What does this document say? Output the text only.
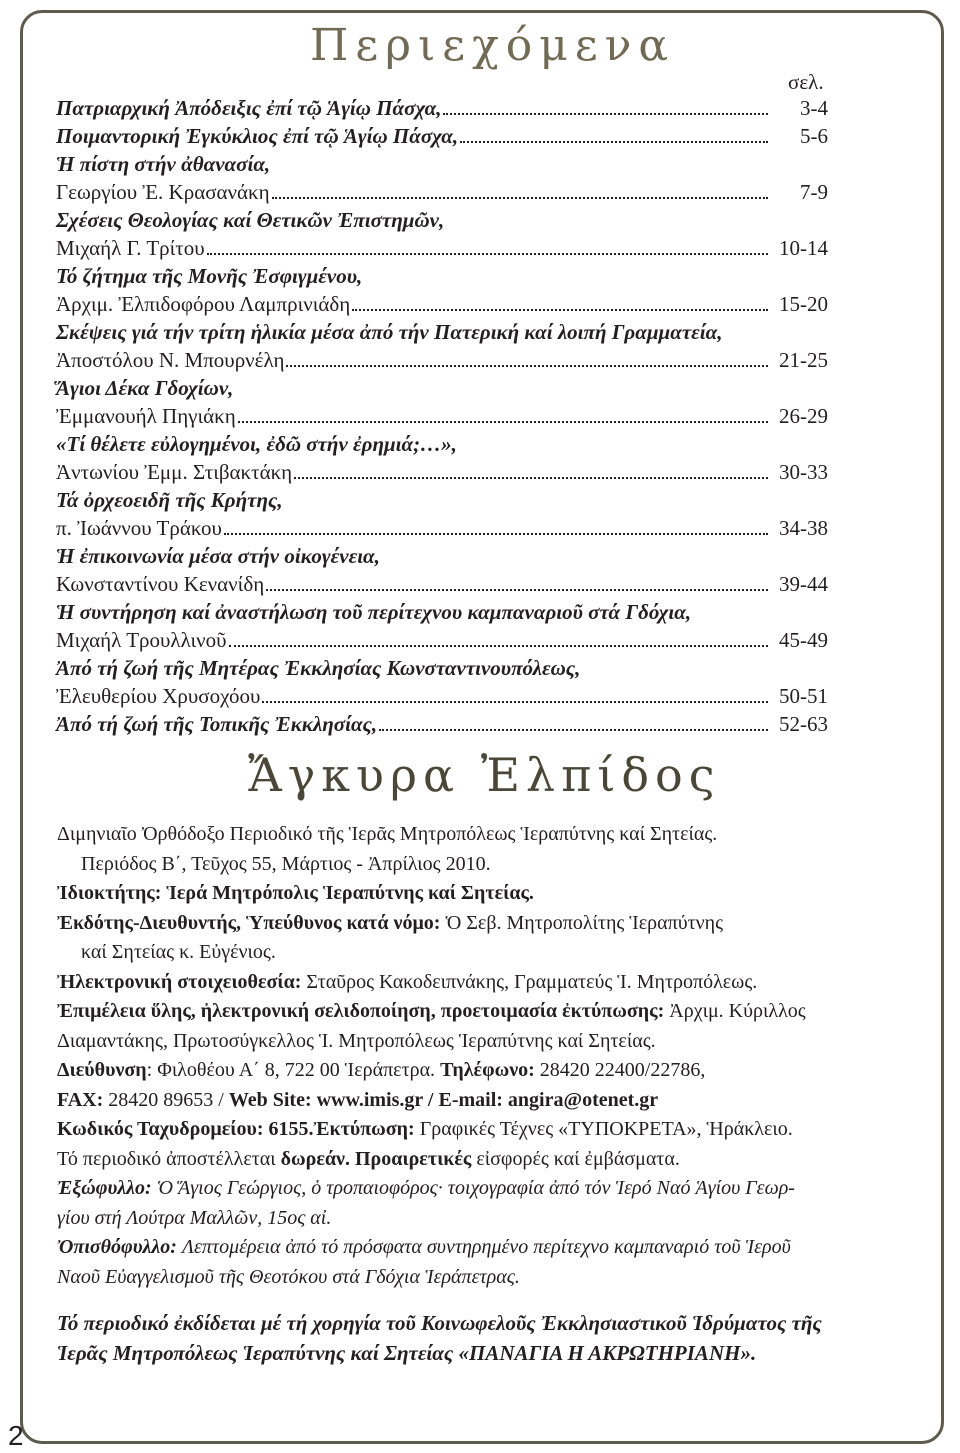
Περιεχόμενα
σελ.
Πατριαρχική Ἀπόδειξις ἐπί τῷ Ἁγίῳ Πάσχα,	3-4
Ποιμαντορική Ἐγκύκλιος ἐπί τῷ Ἁγίῳ Πάσχα,	5-6
Ἡ πίστη στήν ἀθανασία,
Γεωργίου Ἐ. Κρασανάκη	7-9
Σχέσεις Θεολογίας καί Θετικῶν Ἐπιστημῶν,
Μιχαήλ Γ. Τρίτου	10-14
Τό ζήτημα τῆς Μονῆς Ἐσφιγμένου,
Ἀρχιμ. Ἐλπιδοφόρου Λαμπρινιάδη	15-20
Σκέψεις γιά τήν τρίτη ἡλικία μέσα ἀπό τήν Πατερική καί λοιπή Γραμματεία,
Ἀποστόλου Ν. Μπουρνέλη	21-25
Ἅγιοι Δέκα Γδοχίων,
Ἐμμανουήλ Πηγιάκη	26-29
«Τί θέλετε εὐλογημένοι, ἐδῶ στήν ἐρημιά;…»,
Ἀντωνίου Ἐμμ. Στιβακτάκη	30-33
Τά ὀρχεοειδῆ τῆς Κρήτης,
π. Ἰωάννου Τράκου	34-38
Ἡ ἐπικοινωνία μέσα στήν οἰκογένεια,
Κωνσταντίνου Κενανίδη	39-44
Ἡ συντήρηση καί ἀναστήλωση τοῦ περίτεχνου καμπαναριοῦ στά Γδόχια,
Μιχαήλ Τρουλλινοῦ	45-49
Ἀπό τή ζωή τῆς Μητέρας Ἐκκλησίας Κωνσταντινουπόλεως,
Ἐλευθερίου Χρυσοχόου	50-51
Ἀπό τή ζωή τῆς Τοπικῆς Ἐκκλησίας,	52-63
Ἄγκυρα Ἐλπίδος

Διμηνιαῖο Ὀρθόδοξο Περιοδικό τῆς Ἱερᾶς Μητροπόλεως Ἱεραπύτνης καί Σητείας.

Περιόδος Β΄, Τεῦχος 55, Μάρτιος - Ἀπρίλιος 2010.

Ἰδιοκτήτης: Ἱερά Μητρόπολις Ἱεραπύτνης καί Σητείας.

Ἐκδότης-Διευθυντής, Ὑπεύθυνος κατά νόμο: Ὁ Σεβ. Μητροπολίτης Ἱεραπύτνης

καί Σητείας κ. Εὐγένιος.

Ἠλεκτρονική στοιχειοθεσία: Σταῦρος Κακοδειπνάκης, Γραμματεύς Ἱ. Μητροπόλεως.

Ἐπιμέλεια ὕλης, ἠλεκτρονική σελιδοποίηση, προετοιμασία ἐκτύπωσης: Ἀρχιμ. Κύριλλος

Διαμαντάκης, Πρωτοσύγκελλος Ἱ. Μητροπόλεως Ἱεραπύτνης καί Σητείας.

Διεύθυνση: Φιλοθέου Α΄ 8, 722 00 Ἱεράπετρα. Τηλέφωνο: 28420 22400/22786,

FAX: 28420 89653 / Web Site: www.imis.gr / E-mail: angira@otenet.gr

Κωδικός Ταχυδρομείου: 6155.Ἐκτύπωση: Γραφικές Τέχνες «ΤΥΠΟΚΡΕΤΑ», Ἡράκλειο.

Τό περιοδικό ἀποστέλλεται δωρεάν. Προαιρετικές εἰσφορές καί ἐμβάσματα.

Ἐξώφυλλο: Ὁ Ἅγιος Γεώργιος, ὁ τροπαιοφόρος· τοιχογραφία ἀπό τόν Ἱερό Ναό Ἁγίου Γεωρ-

γίου στή Λούτρα Μαλλῶν, 15ος αἰ.

Ὀπισθόφυλλο: Λεπτομέρεια ἀπό τό πρόσφατα συντηρημένο περίτεχνο καμπαναριό τοῦ Ἱεροῦ

Ναοῦ Εὐαγγελισμοῦ τῆς Θεοτόκου στά Γδόχια Ἱεράπετρας.

Τό περιοδικό ἐκδίδεται μέ τή χορηγία τοῦ Κοινωφελοῦς Ἐκκλησιαστικοῦ Ἱδρύματος τῆς

Ἱερᾶς Μητροπόλεως Ἱεραπύτνης καί Σητείας «ΠΑΝΑΓΙΑ Η ΑΚΡΩΤΗΡΙΑΝΗ».

2
